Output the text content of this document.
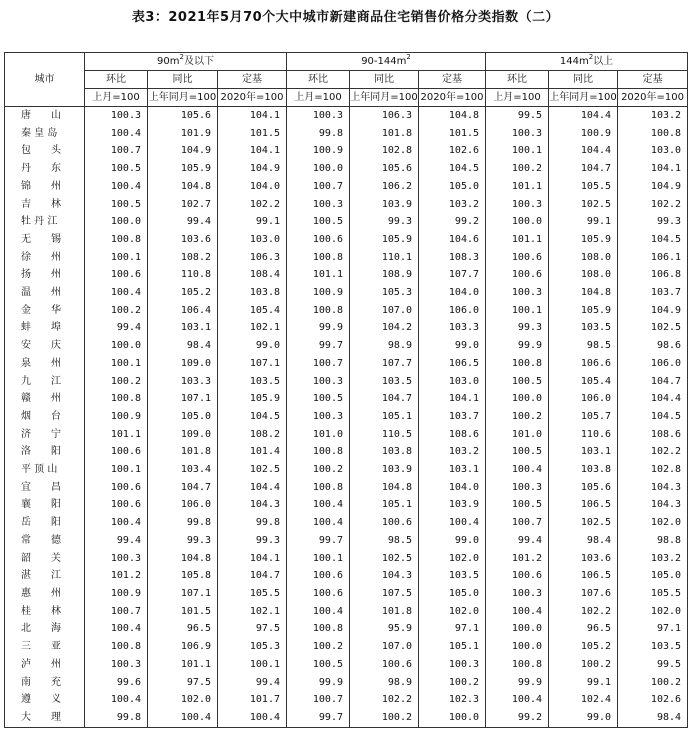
表3：2021年5月70个大中城市新建商品住宅销售价格分类指数（二）
城市	$90m^2$及以下			$90-144m^2$			$144m^2$以上		
	环比	同比	定基	环比	同比	定基	环比	同比	定基
	上月=100	上年同月=100	2020年=100	上月=100	上年同月=100	2020年=100	上月=100	上年同月=100	2020年=100
唐　　山	100.3	105.6	104.1	100.3	106.3	104.8	99.5	104.4	103.2
秦 皇 岛	100.4	101.9	101.5	99.8	101.8	101.5	100.3	100.9	100.8
包　　头	100.7	104.9	104.1	100.9	102.8	102.6	100.1	104.4	103.0
丹　　东	100.5	105.9	104.9	100.0	105.6	104.5	100.2	104.7	104.1
锦　　州	100.4	104.8	104.0	100.7	106.2	105.0	101.1	105.5	104.9
吉　　林	100.5	102.7	102.2	100.3	103.9	103.2	100.3	102.5	102.2
牡 丹 江	100.0	99.4	99.1	100.5	99.3	99.2	100.0	99.1	99.3
无　　锡	100.8	103.6	103.0	100.6	105.9	104.6	101.1	105.9	104.5
徐　　州	100.1	108.2	106.3	100.8	110.1	108.3	100.6	108.0	106.1
扬　　州	100.6	110.8	108.4	101.1	108.9	107.7	100.6	108.0	106.8
温　　州	100.4	105.2	103.8	100.9	105.3	104.0	100.3	104.8	103.7
金　　华	100.2	106.4	105.4	100.8	107.0	106.0	100.1	105.9	104.9
蚌　　埠	99.4	103.1	102.1	99.9	104.2	103.3	99.3	103.5	102.5
安　　庆	100.0	98.4	99.0	99.7	98.9	99.0	99.9	98.5	98.6
泉　　州	100.1	109.0	107.1	100.7	107.7	106.5	100.8	106.6	106.0
九　　江	100.2	103.3	103.5	100.3	103.5	103.0	100.5	105.4	104.7
赣　　州	100.8	107.1	105.9	100.5	104.7	104.1	100.0	106.0	104.4
烟　　台	100.9	105.0	104.5	100.3	105.1	103.7	100.2	105.7	104.5
济　　宁	101.1	109.0	108.2	101.0	110.5	108.6	101.0	110.6	108.6
洛　　阳	100.6	101.8	101.4	100.8	103.8	103.2	100.5	103.1	102.2
平 顶 山	100.1	103.4	102.5	100.2	103.9	103.1	100.4	103.8	102.8
宜　　昌	100.6	104.7	104.4	100.8	104.8	104.0	100.3	105.6	104.3
襄　　阳	100.6	106.0	104.3	100.4	105.1	103.9	100.5	106.5	104.3
岳　　阳	100.4	99.8	99.8	100.4	100.6	100.4	100.7	102.5	102.0
常　　德	99.4	99.3	99.3	99.7	98.5	99.0	99.4	98.4	98.8
韶　　关	100.3	104.8	104.1	100.1	102.5	102.0	101.2	103.6	103.2
湛　　江	101.2	105.8	104.7	100.6	104.3	103.5	100.6	106.5	105.0
惠　　州	100.9	107.1	105.5	100.6	107.5	105.0	100.3	107.6	105.5
桂　　林	100.7	101.5	102.1	100.4	101.8	102.0	100.4	102.2	102.0
北　　海	100.4	96.5	97.5	100.8	95.9	97.1	100.0	96.5	97.1
三　　亚	100.8	106.9	105.3	100.2	107.0	105.1	100.0	105.2	103.5
泸　　州	100.3	101.1	100.1	100.5	100.6	100.3	100.8	100.2	99.5
南　　充	99.6	97.5	99.4	99.9	98.9	100.2	99.9	99.1	100.2
遵　　义	100.4	102.0	101.7	100.7	102.2	102.3	100.4	102.4	102.6
大　　理	99.8	100.4	100.4	99.7	100.2	100.0	99.2	99.0	98.4
